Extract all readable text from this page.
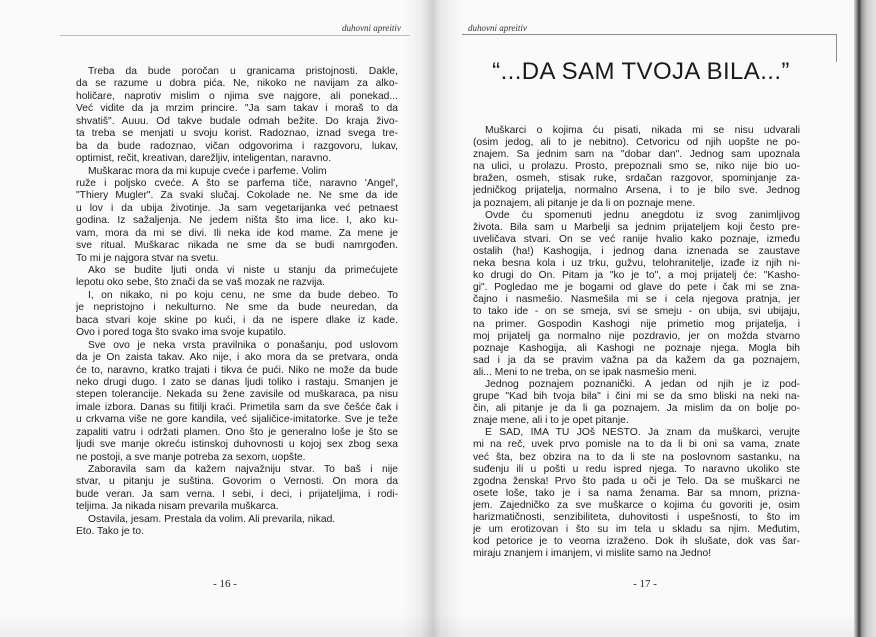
duhovni apreitiv	duhovni apreitiv
“...DA SAM TVOJA BILA...”
Treba da bude poročan u granicama pristojnosti. Dakle,
da se razume u dobra pića. Ne, nikoko ne navijam za alko-
holičare, naprotiv mislim o njima sve najgore, ali ponekad...
Već vidite da ja mrzim princire. "Ja sam takav i moraš to da
shvatiš". Auuu. Od takve budale odmah bežite. Do kraja živo-
ta treba se menjati u svoju korist. Radoznao, iznad svega tre-
ba da bude radoznao, vičan odgovorima i razgovoru, lukav,
optimist, rečit, kreativan, darežljiv, inteligentan, naravno.
Muškarac mora da mi kupuje cveće i parfeme. Volim
ruže i poljsko cveće. A što se parfema tiče, naravno 'Angel',
"Thiery Mugler". Za svaki slučaj. Čokolade ne. Ne sme da ide
u lov i da ubija životinje. Ja sam vegetarijanka već petnaest
godina. Iz sažaljenja. Ne jedem ništa što ima lice. I, ako ku-
vam, mora da mi se divi. Ili neka ide kod mame. Za mene je
sve ritual. Muškarac nikada ne sme da se budi namrgođen.
To mi je najgora stvar na svetu.
Ako se budite ljuti onda vi niste u stanju da primećujete
lepotu oko sebe, što znači da se vaš mozak ne razvija.
I, on nikako, ni po koju cenu, ne sme da bude debeo. To
je nepristojno i nekulturno. Ne sme da bude neuredan, da
baca stvari koje skine po kući, i da ne ispere dlake iz kade.
Ovo i pored toga što svako ima svoje kupatilo.
Sve ovo je neka vrsta pravilnika o ponašanju, pod uslovom
da je On zaista takav. Ako nije, i ako mora da se pretvara, onda
će to, naravno, kratko trajati i tikva će pući. Niko ne može da bude
neko drugi dugo. I zato se danas ljudi toliko i rastaju. Smanjen je
stepen tolerancije. Nekada su žene zavisile od muškaraca, pa nisu
imale izbora. Danas su fitilji kraći. Primetila sam da sve češće čak i
u crkvama više ne gore kandila, već sijaličice-imitatorke. Sve je teže
zapaliti vatru i održati plamen. Ono što je generalno loše je što se
ljudi sve manje okreću istinskoj duhovnosti u kojoj sex zbog sexa
ne postoji, a sve manje potreba za sexom, uopšte.
Zaboravila sam da kažem najvažniju stvar. To baš i nije
stvar, u pitanju je suština. Govorim o Vernosti. On mora da
bude veran. Ja sam verna. I sebi, i deci, i prijateljima, i rodi-
teljima. Ja nikada nisam prevarila muškarca.
Ostavila, jesam. Prestala da volim. Ali prevarila, nikad.
Eto. Tako je to.
Muškarci o kojima ću pisati, nikada mi se nisu udvarali
(osim jedog, ali to je nebitno). Četvoricu od njih uopšte ne po-
znajem. Sa jednim sam na "dobar dan". Jednog sam upoznala
na ulici, u prolazu. Prosto, prepoznali smo se, niko nije bio uo-
bražen, osmeh, stisak ruke, srdačan razgovor, spominjanje za-
jedničkog prijatelja, normalno Arsena, i to je bilo sve. Jednog
ja poznajem, ali pitanje je da li on poznaje mene.
Ovde ću spomenuti jednu anegdotu iz svog zanimljivog
života. Bila sam u Marbelji sa jednim prijateljem koji često pre-
uveličava stvari. On se već ranije hvalio kako poznaje, između
ostalih (ha!) Kashogija, i jednog dana iznenada se zaustave
neka besna kola i uz trku, gužvu, telohranitelje, izađe iz njih ni-
ko drugi do On. Pitam ja "ko je to", a moj prijatelj će: "Kasho-
gi". Pogledao me je bogami od glave do pete i čak mi se zna-
čajno i nasmešio. Nasmešila mi se i cela njegova pratnja, jer
to tako ide - on se smeja, svi se smeju - on ubija, svi ubijaju,
na primer. Gospodin Kashogi nije primetio mog prijatelja, i
moj prijatelj ga normalno nije pozdravio, jer on možda stvarno
poznaje Kashogija, ali Kashogi ne poznaje njega. Mogla bih
sad i ja da se pravim važna pa da kažem da ga poznajem,
ali... Meni to ne treba, on se ipak nasmešio meni.
Jednog poznajem poznanički. A jedan od njih je iz pod-
grupe "Kad bih tvoja bila" i čini mi se da smo bliski na neki na-
čin, ali pitanje je da li ga poznajem. Ja mislim da on bolje po-
znaje mene, ali i to je opet pitanje.
E SAD, IMA TU JOš NEŠTO. Ja znam da muškarci, verujte
mi na reč, uvek prvo pomisle na to da li bi oni sa vama, znate
već šta, bez obzira na to da li ste na poslovnom sastanku, na
suđenju ili u pošti u redu ispred njega. To naravno ukoliko ste
zgodna ženska! Prvo što pada u oči je Telo. Da se muškarci ne
osete loše, tako je i sa nama ženama. Bar sa mnom, prizna-
jem. Zajedničko za sve muškarce o kojima ću govoriti je, osim
harizmatičnosti, senzibiliteta, duhovitosti i uspešnosti, to što im
je um erotizovan i što su im tela u skladu sa njim. Međutim,
kod petorice je to veoma izraženo. Dok ih slušate, dok vas šar-
miraju znanjem i imanjem, vi mislite samo na Jedno!
- 16 -	- 17 -
